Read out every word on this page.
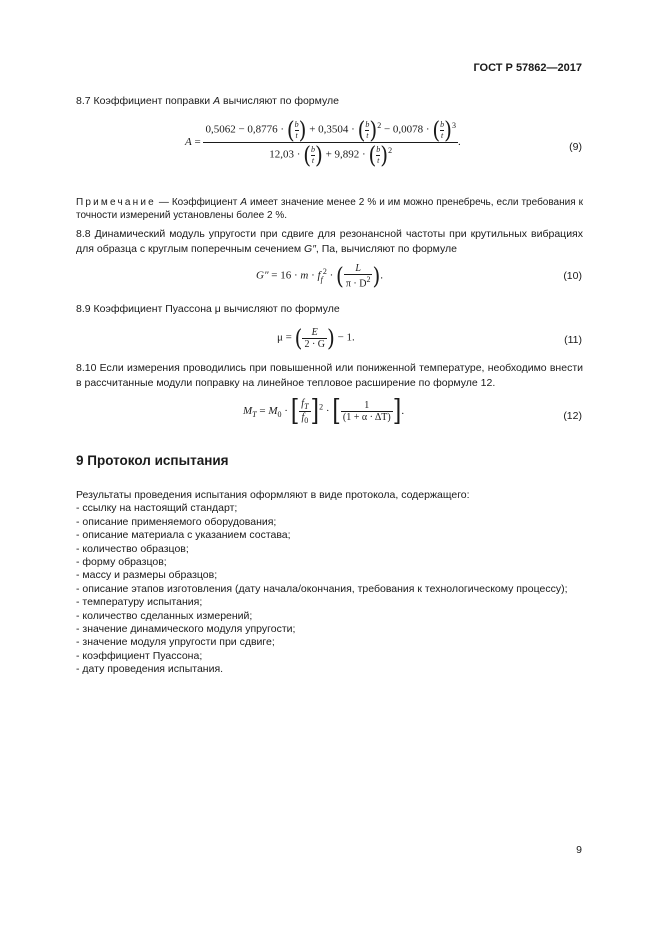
ГОСТ Р 57862—2017
8.7 Коэффициент поправки A вычисляют по формуле
$A = \frac{0,5062 - 0,8776 \cdot ( \frac{b}{t} ) + 0,3504 \cdot ( \frac{b}{t} )^2 - 0,0078 \cdot ( \frac{b}{t} )^3}{12,03 \cdot ( \frac{b}{t} ) + 9,892 \cdot ( \frac{b}{t} )^2}$ .	(9)
Примечание — Коэффициент A имеет значение менее 2 % и им можно пренебречь, если требования к точности измерений установлены более 2 %.
8.8 Динамический модуль упругости при сдвиге для резонансной частоты при крутильных вибрациях для образца с круглым поперечным сечением G″, Па, вычисляют по формуле
$G'' = 16 \cdot m \cdot f_f^2$ · ( $\frac{L}{\pi \cdot D^2}$ ).	(10)
8.9 Коэффициент Пуассона μ вычисляют по формуле
μ = ( $\frac{E}{2 \cdot G}$ ) − 1.	(11)
8.10 Если измерения проводились при повышенной или пониженной температуре, необходимо внести в рассчитанные модули поправку на линейное тепловое расширение по формуле 12.
$M_T = M_0$ · [ $\frac{f_T}{f_0} ]^2$ · [ $\frac{1}{(1 + \alpha \cdot \Delta T)}$ ].	(12)
9 Протокол испытания
Результаты проведения испытания оформляют в виде протокола, содержащего:
- ссылку на настоящий стандарт;
- описание применяемого оборудования;
- описание материала с указанием состава;
- количество образцов;
- форму образцов;
- массу и размеры образцов;
- описание этапов изготовления (дату начала/окончания, требования к технологическому процессу);
- температуру испытания;
- количество сделанных измерений;
- значение динамического модуля упругости;
- значение модуля упругости при сдвиге;
- коэффициент Пуассона;
- дату проведения испытания.
9
